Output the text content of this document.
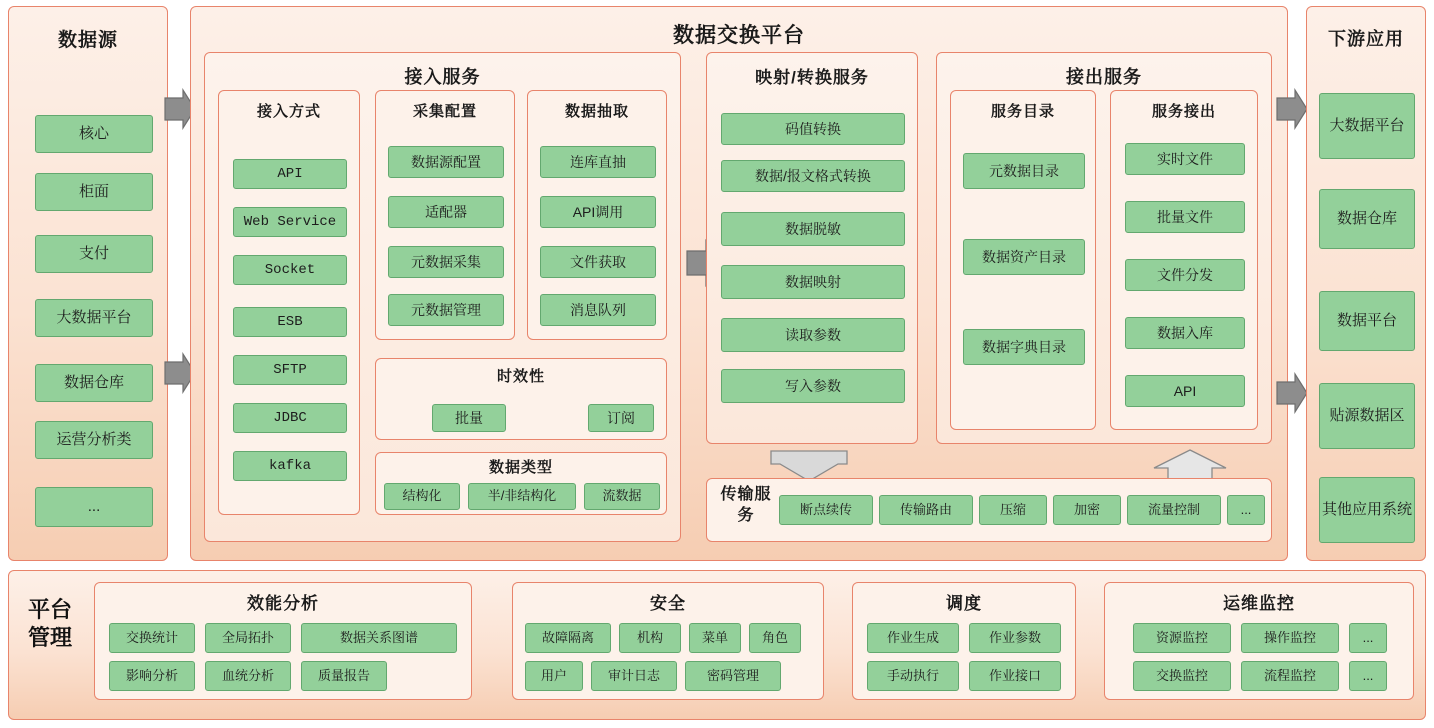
数据源
核心
柜面
支付
大数据平台
数据仓库
运营分析类
...
数据交换平台
接入服务
接入方式
API
Web Service
Socket
ESB
SFTP
JDBC
kafka
采集配置
数据源配置
适配器
元数据采集
元数据管理
数据抽取
连库直抽
API调用
文件获取
消息队列
时效性
批量	订阅
数据类型
结构化	半/非结构化	流数据
映射/转换服务
码值转换
数据/报文格式转换
数据脱敏
数据映射
读取参数
写入参数
接出服务
服务目录
元数据目录
数据资产目录
数据字典目录
服务接出
实时文件
批量文件
文件分发
数据入库
API
传输服务	断点续传	传输路由	压缩	加密	流量控制	...
下游应用
大数据平台
数据仓库
数据平台
贴源数据区
其他应用系统
平台管理
效能分析
交换统计	全局拓扑	数据关系图谱
影响分析	血统分析	质量报告
安全
故障隔离	机构	菜单	角色
用户	审计日志	密码管理
调度
作业生成	作业参数
手动执行	作业接口
运维监控
资源监控	操作监控	...
交换监控	流程监控	...
